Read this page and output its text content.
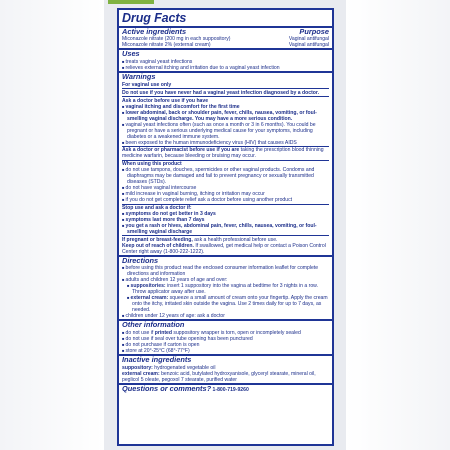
Drug Facts
Active ingredients	Purpose
Miconazole nitrate (200 mg in each suppository)	Vaginal antifungal
Miconazole nitrate 2% (external cream)	Vaginal antifungal
Uses

■ treats vaginal yeast infections

■ relieves external itching and irritation due to a vaginal yeast infection

Warnings

For vaginal use only

Do not use if you have never had a vaginal yeast infection diagnosed by a doctor.

Ask a doctor before use if you have

■ vaginal itching and discomfort for the first time

■ lower abdominal, back or shoulder pain, fever, chills, nausea, vomiting, or foul-smelling vaginal discharge. You may have a more serious condition.

■ vaginal yeast infections often (such as once a month or 3 in 6 months). You could be pregnant or have a serious underlying medical cause for your symptoms, including diabetes or a weakened immune system.

■ been exposed to the human immunodeficiency virus (HIV) that causes AIDS

Ask a doctor or pharmacist before use if you are taking the prescription blood thinning medicine warfarin, because bleeding or bruising may occur.

When using this product

■ do not use tampons, douches, spermicides or other vaginal products. Condoms and diaphragms may be damaged and fail to prevent pregnancy or sexually transmitted diseases (STDs).

■ do not have vaginal intercourse

■ mild increase in vaginal burning, itching or irritation may occur

■ if you do not get complete relief ask a doctor before using another product

Stop use and ask a doctor if:

■ symptoms do not get better in 3 days

■ symptoms last more than 7 days

■ you get a rash or hives, abdominal pain, fever, chills, nausea, vomiting, or foul-smelling vaginal discharge

If pregnant or breast-feeding, ask a health professional before use.

Keep out of reach of children. If swallowed, get medical help or contact a Poison Control Center right away (1-800-222-1222).

Directions

■ before using this product read the enclosed consumer information leaflet for complete directions and information

■ adults and children 12 years of age and over:

■ suppositories: insert 1 suppository into the vagina at bedtime for 3 nights in a row. Throw applicator away after use.

■ external cream: squeeze a small amount of cream onto your fingertip. Apply the cream onto the itchy, irritated skin outside the vagina. Use 2 times daily for up to 7 days, as needed.

■ children under 12 years of age: ask a doctor

Other information

■ do not use if printed suppository wrapper is torn, open or incompletely sealed

■ do not use if seal over tube opening has been punctured

■ do not purchase if carton is open

■ store at 20°-25°C (68°-77°F)

Inactive ingredients

suppository: hydrogenated vegetable oil

external cream: benzoic acid, butylated hydroxyanisole, glyceryl stearate, mineral oil, peglicol 5 oleate, pegoxol 7 stearate, purified water

Questions or comments? 1-800-719-9260
